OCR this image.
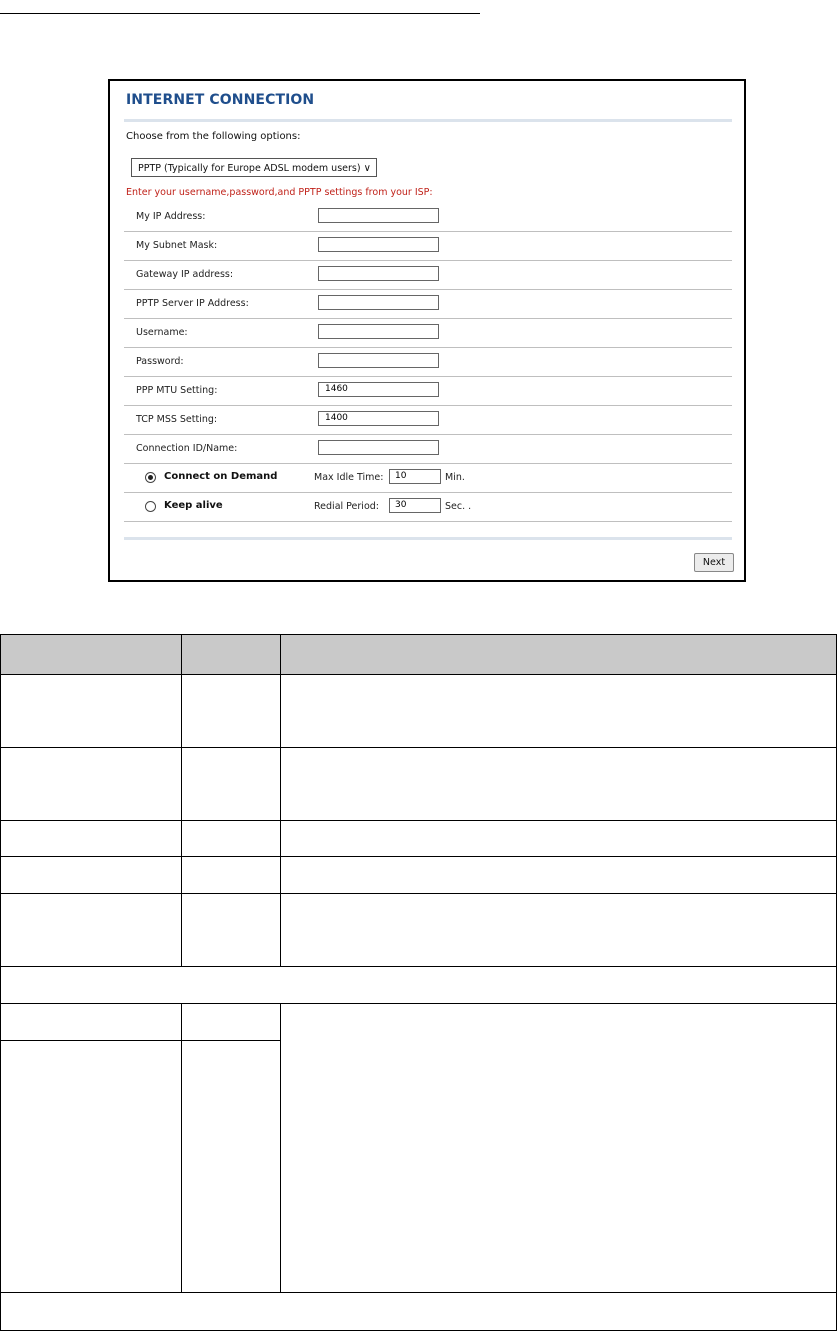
INTERNET CONNECTION
Choose from the following options:
PPTP (Typically for Europe ADSL modem users) ∨
Enter your username,password,and PPTP settings from your ISP:
My IP Address:
My Subnet Mask:
Gateway IP address:
PPTP Server IP Address:
Username:
Password:
PPP MTU Setting:	1460
TCP MSS Setting:	1400
Connection ID/Name:
Connect on Demand	Max Idle Time:	10	Min.
Keep alive	Redial Period:	30	Sec. .
Next
